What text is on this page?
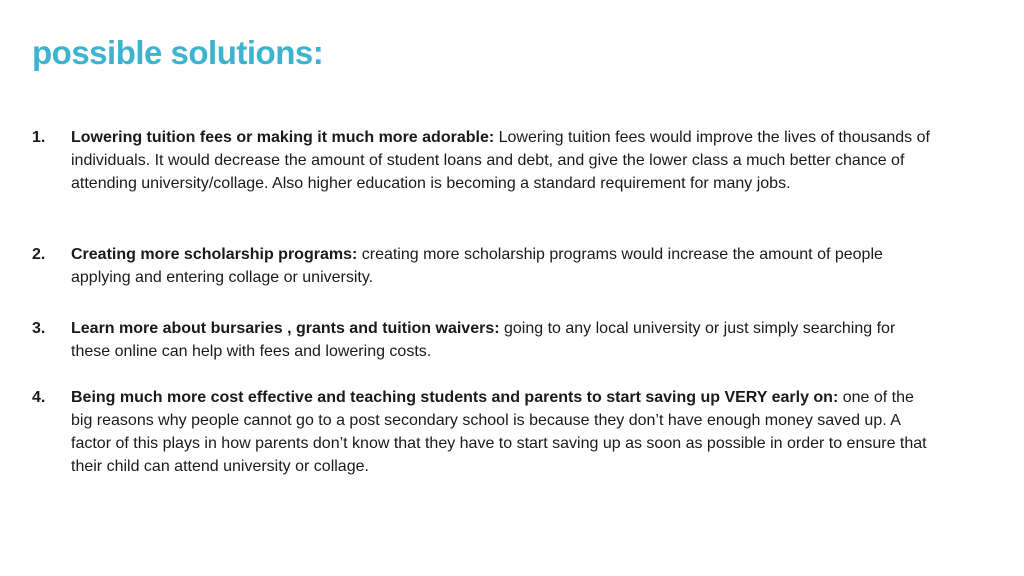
possible solutions:
1.	Lowering tuition fees or making it much more adorable: Lowering tuition fees would improve the lives of thousands of individuals. It would decrease the amount of student loans and debt, and give the lower class a much better chance of attending university/collage. Also higher education is becoming a standard requirement for many jobs.
2.	Creating more scholarship programs: creating more scholarship programs would increase the amount of people applying and entering collage or university.
3.	Learn more about bursaries , grants and tuition waivers: going to any local university or just simply searching for these online can help with fees and lowering costs.
4.	Being much more cost effective and teaching students and parents to start saving up VERY early on: one of the big reasons why people cannot go to a post secondary school is because they don’t have enough money saved up. A factor of this plays in how parents don’t know that they have to start saving up as soon as possible in order to ensure that their child can attend university or collage.
